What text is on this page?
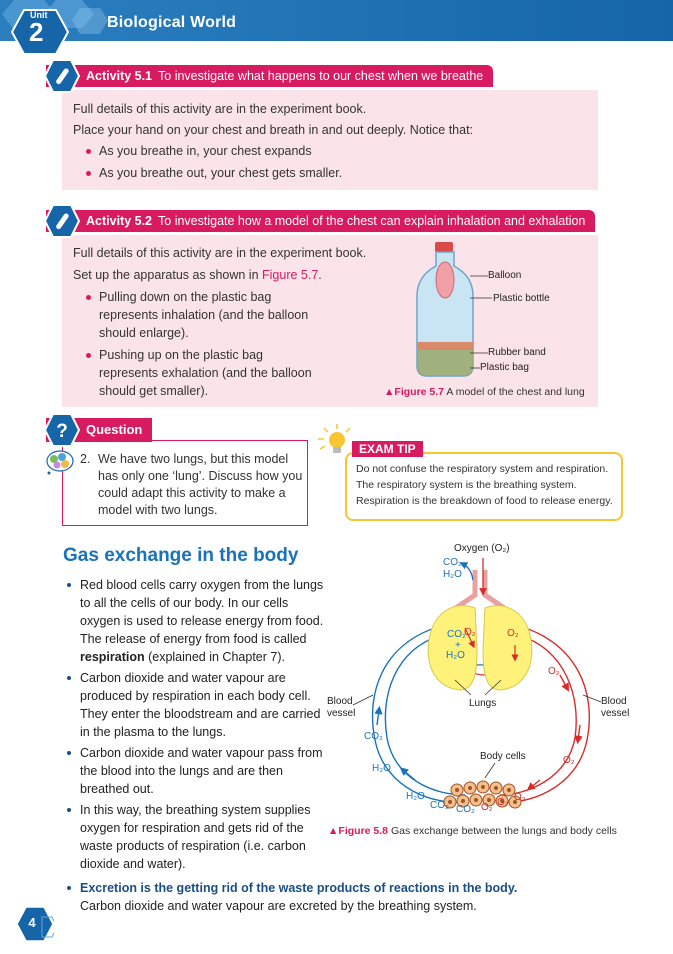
Unit
2	Biological World
Activity 5.1 To investigate what happens to our chest when we breathe
Full details of this activity are in the experiment book.
Place your hand on your chest and breath in and out deeply. Notice that:
As you breathe in, your chest expands
As you breathe out, your chest gets smaller.
Activity 5.2 To investigate how a model of the chest can explain inhalation and exhalation
Full details of this activity are in the experiment book.
Set up the apparatus as shown in Figure 5.7.
Pulling down on the plastic bag represents inhalation (and the balloon should enlarge).
Pushing up on the plastic bag represents exhalation (and the balloon should get smaller).
Balloon
Plastic bottle
Rubber band
Plastic bag
▲Figure 5.7 A model of the chest and lung
Question
?
2. We have two lungs, but this model has only one ‘lung’. Discuss how you could adapt this activity to make a model with two lungs.
EXAM TIP
Do not confuse the respiratory system and respiration.
The respiratory system is the breathing system.
Respiration is the breakdown of food to release energy.
Gas exchange in the body
Red blood cells carry oxygen from the lungs to all the cells of our body. In our cells oxygen is used to release energy from food. The release of energy from food is called respiration (explained in Chapter 7).
Carbon dioxide and water vapour are produced by respiration in each body cell. They enter the bloodstream and are carried in the plasma to the lungs.
Carbon dioxide and water vapour pass from the blood into the lungs and are then breathed out.
In this way, the breathing system supplies oxygen for respiration and gets rid of the waste products of respiration (i.e. carbon dioxide and water).
Excretion is the getting rid of the waste products of reactions in the body.
Carbon dioxide and water vapour are excreted by the breathing system.
Oxygen (O₂)
CO₂
H₂O
CO₂
+
H₂O
O₂	O₂
Lungs
Blood vessel
Blood vessel
O₂
O₂
CO₂
H₂O
Body cells
H₂O
CO₂ CO₂ O₂ O₂ O₂
▲Figure 5.8 Gas exchange between the lungs and body cells
4
